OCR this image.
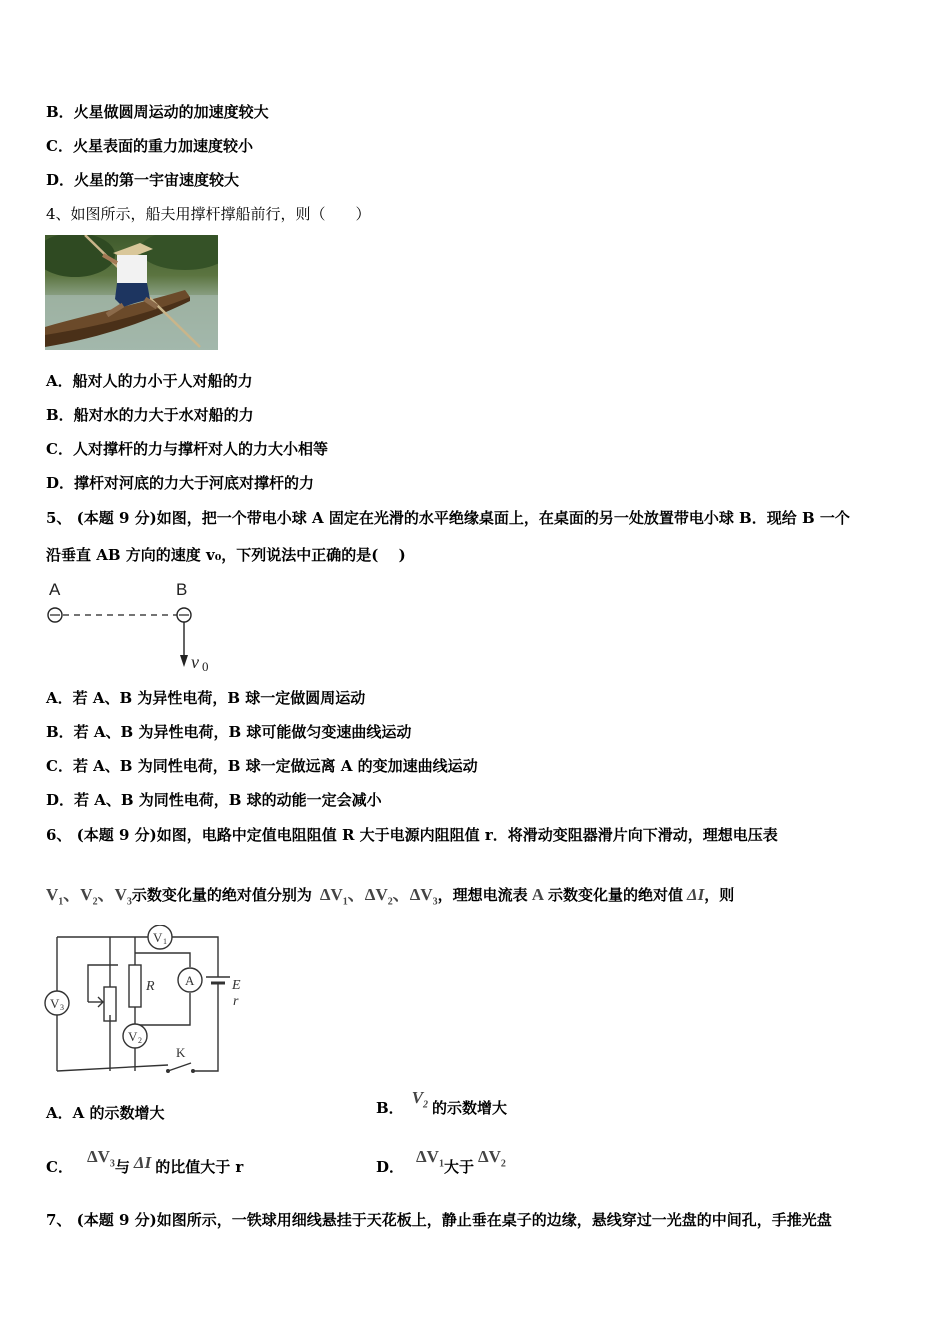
B．火星做圆周运动的加速度较大
C．火星表面的重力加速度较小
D．火星的第一宇宙速度较大
4、如图所示，船夫用撑杆撑船前行，则（　　）
A．船对人的力小于人对船的力
B．船对水的力大于水对船的力
C．人对撑杆的力与撑杆对人的力大小相等
D．撑杆对河底的力大于河底对撑杆的力
5、 (本题 9 分)如图，把一个带电小球 A 固定在光滑的水平绝缘桌面上，在桌面的另一处放置带电小球 B．现给 B 一个
沿垂直 AB 方向的速度 v₀，下列说法中正确的是(　 )
A	B
v 0
A．若 A、B 为异性电荷，B 球一定做圆周运动
B．若 A、B 为异性电荷，B 球可能做匀变速曲线运动
C．若 A、B 为同性电荷，B 球一定做远离 A 的变加速曲线运动
D．若 A、B 为同性电荷，B 球的动能一定会减小
6、 (本题 9 分)如图，电路中定值电阻阻值 R 大于电源内阻阻值 r．将滑动变阻器滑片向下滑动，理想电压表
$V_1$、$V_2$、$V_3$示数变化量的绝对值分别为 $\Delta V_1$、$\Delta V_2$、$\Delta V_3$，理想电流表 A 示数变化量的绝对值 ΔI，则
V 1
V 3
V 2
A
R	E
r
K
A．A 的示数增大	B．$V_2$ 的示数增大
C．$\Delta V_3$与 ΔI 的比值大于 r	D．$\Delta V_1$大于$\Delta V_2$
7、 (本题 9 分)如图所示，一铁球用细线悬挂于天花板上，静止垂在桌子的边缘，悬线穿过一光盘的中间孔，手推光盘
